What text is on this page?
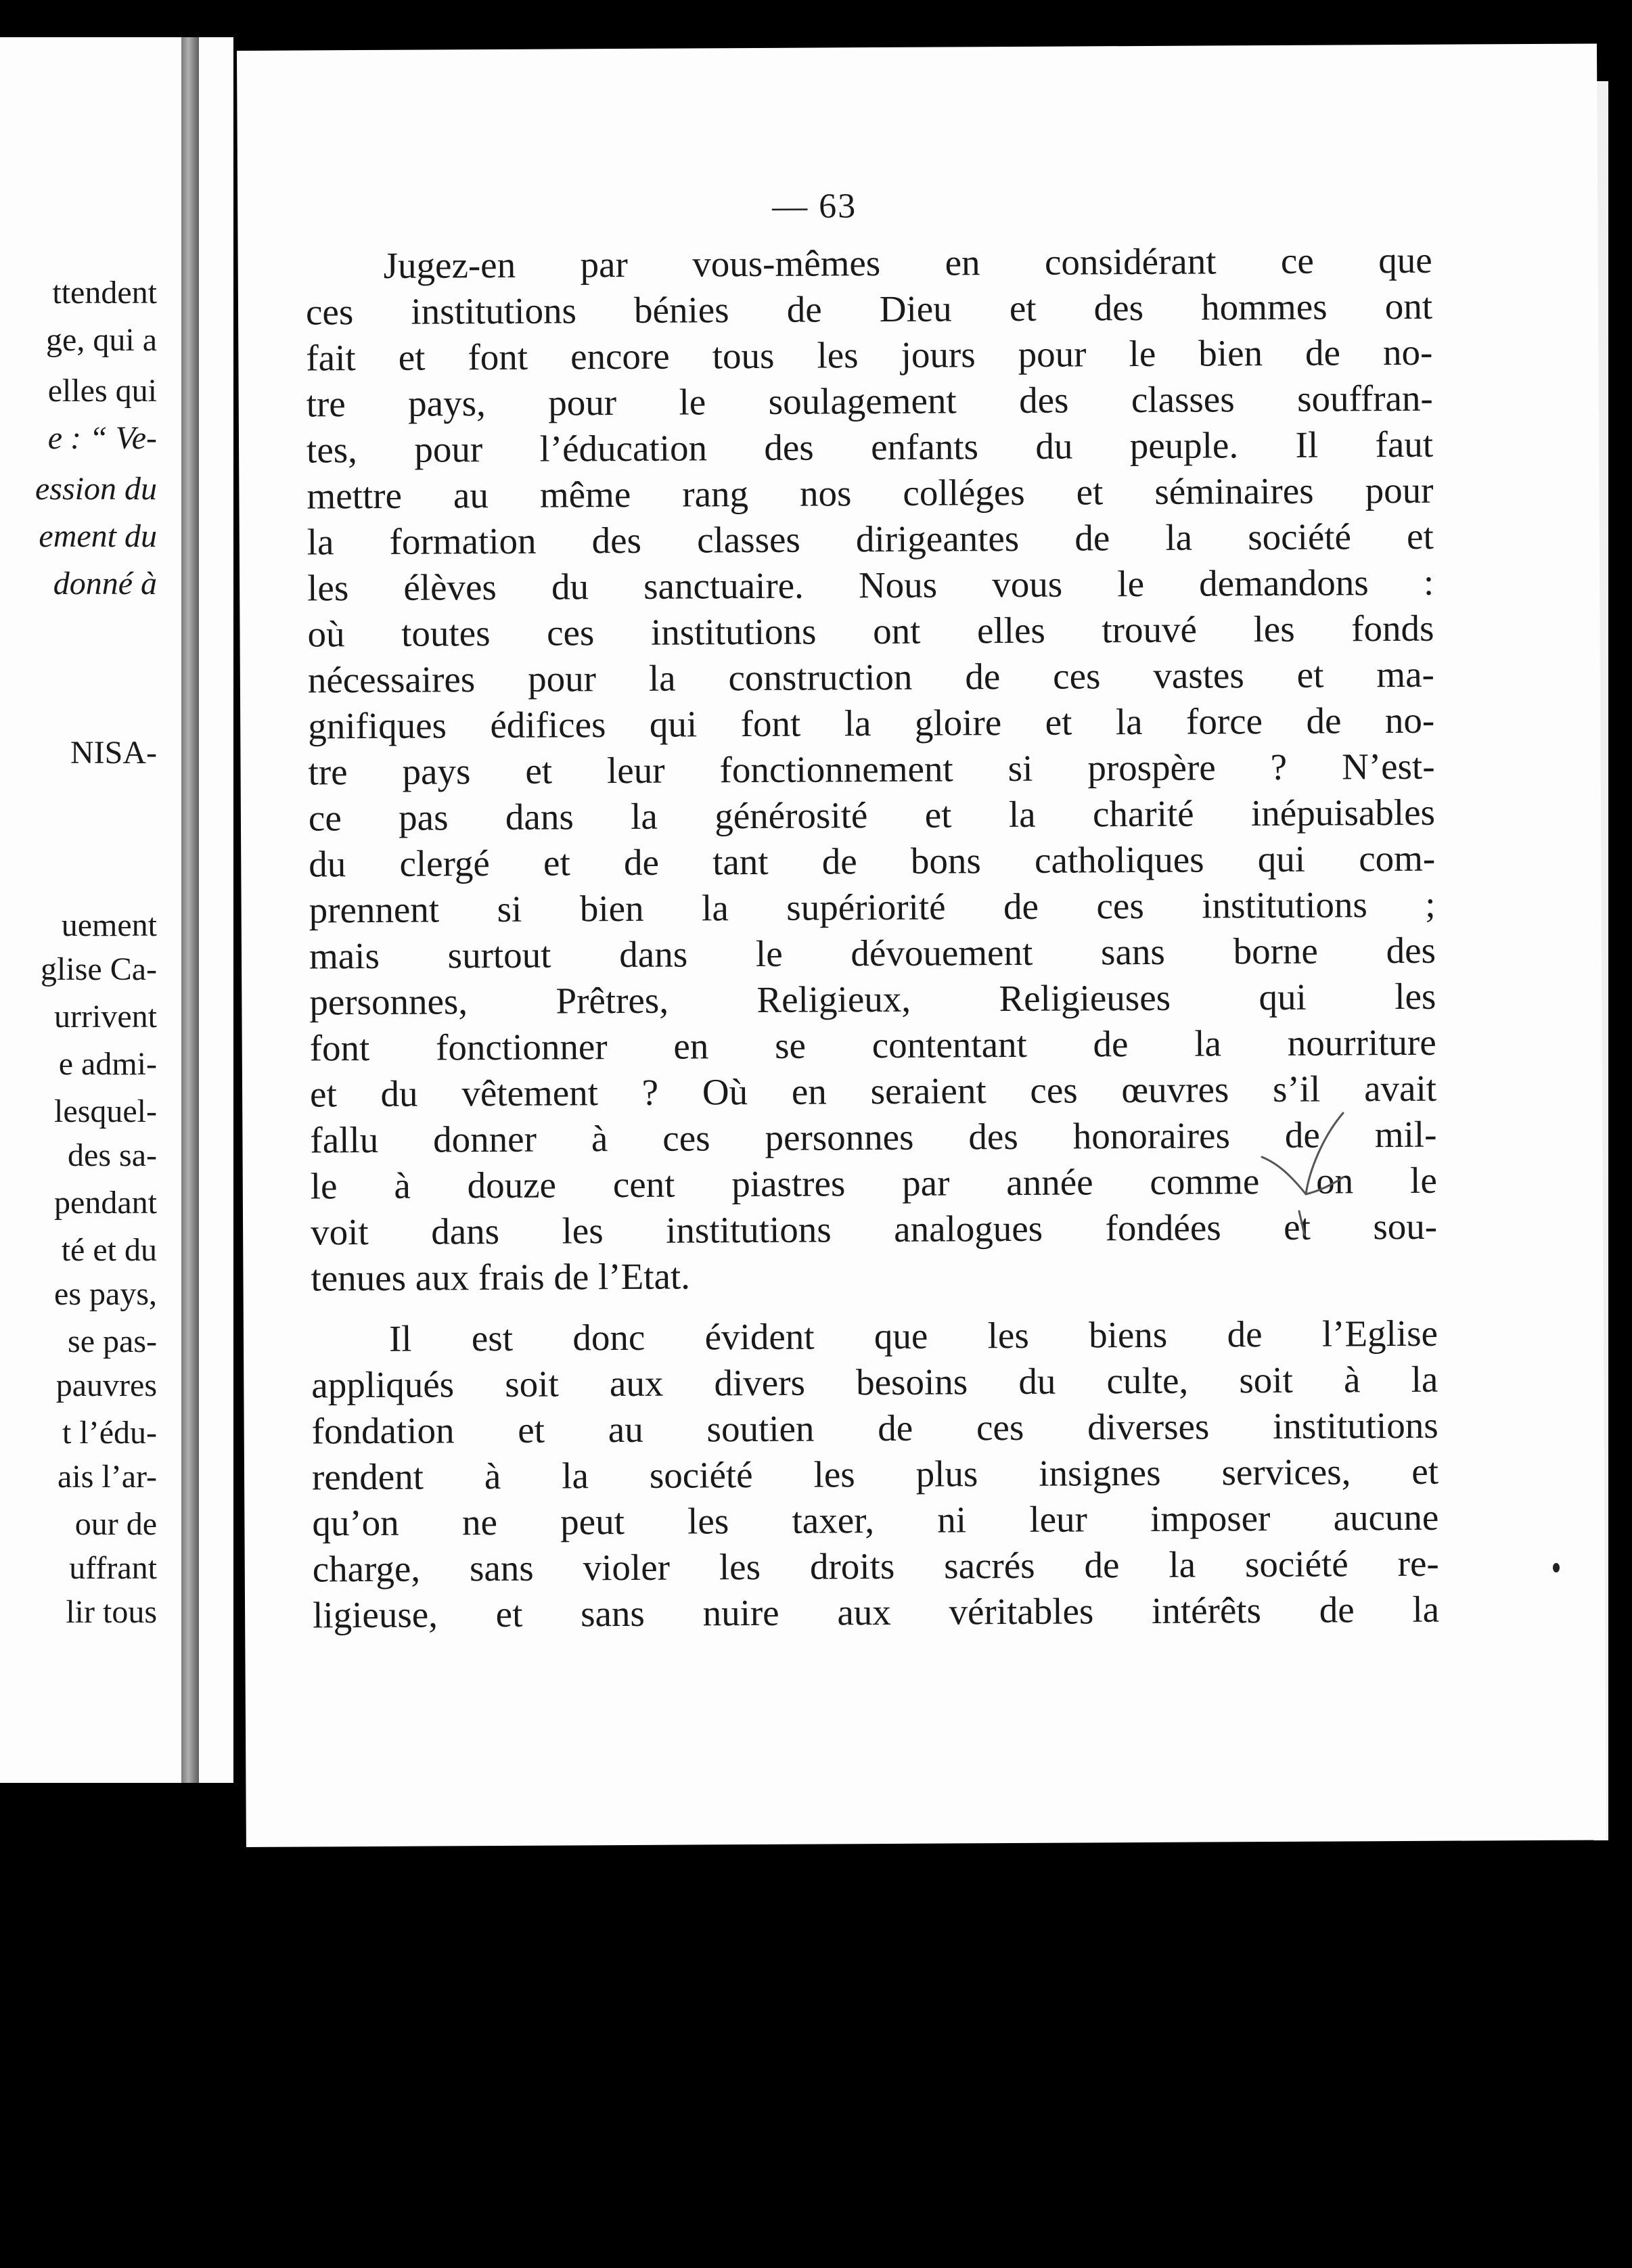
ttendent
ge, qui a
elles qui
e : “ Ve-
ession du
ement du
donné à
NISA-
uement
glise Ca-
urrivent
e admi-
lesquel-
des sa-
pendant
té et du
es pays,
se pas-
pauvres
t l’édu-
ais l’ar-
our de
uffrant
lir tous
— 63
Jugez-en par vous-mêmes en considérant ce que
ces institutions bénies de Dieu et des hommes ont
fait et font encore tous les jours pour le bien de no-
tre pays, pour le soulagement des classes souffran-
tes, pour l’éducation des enfants du peuple. Il faut
mettre au même rang nos colléges et séminaires pour
la formation des classes dirigeantes de la société et
les élèves du sanctuaire. Nous vous le demandons :
où toutes ces institutions ont elles trouvé les fonds
nécessaires pour la construction de ces vastes et ma-
gnifiques édifices qui font la gloire et la force de no-
tre pays et leur fonctionnement si prospère ? N’est-
ce pas dans la générosité et la charité inépuisables
du clergé et de tant de bons catholiques qui com-
prennent si bien la supériorité de ces institutions ;
mais surtout dans le dévouement sans borne des
personnes, Prêtres, Religieux, Religieuses qui les
font fonctionner en se contentant de la nourriture
et du vêtement ? Où en seraient ces œuvres s’il avait
fallu donner à ces personnes des honoraires de mil-
le à douze cent piastres par année comme on le
voit dans les institutions analogues fondées et sou-
tenues aux frais de l’Etat.
Il est donc évident que les biens de l’Eglise
appliqués soit aux divers besoins du culte, soit à la
fondation et au soutien de ces diverses institutions
rendent à la société les plus insignes services, et
qu’on ne peut les taxer, ni leur imposer aucune
charge, sans violer les droits sacrés de la société re-
ligieuse, et sans nuire aux véritables intérêts de la
